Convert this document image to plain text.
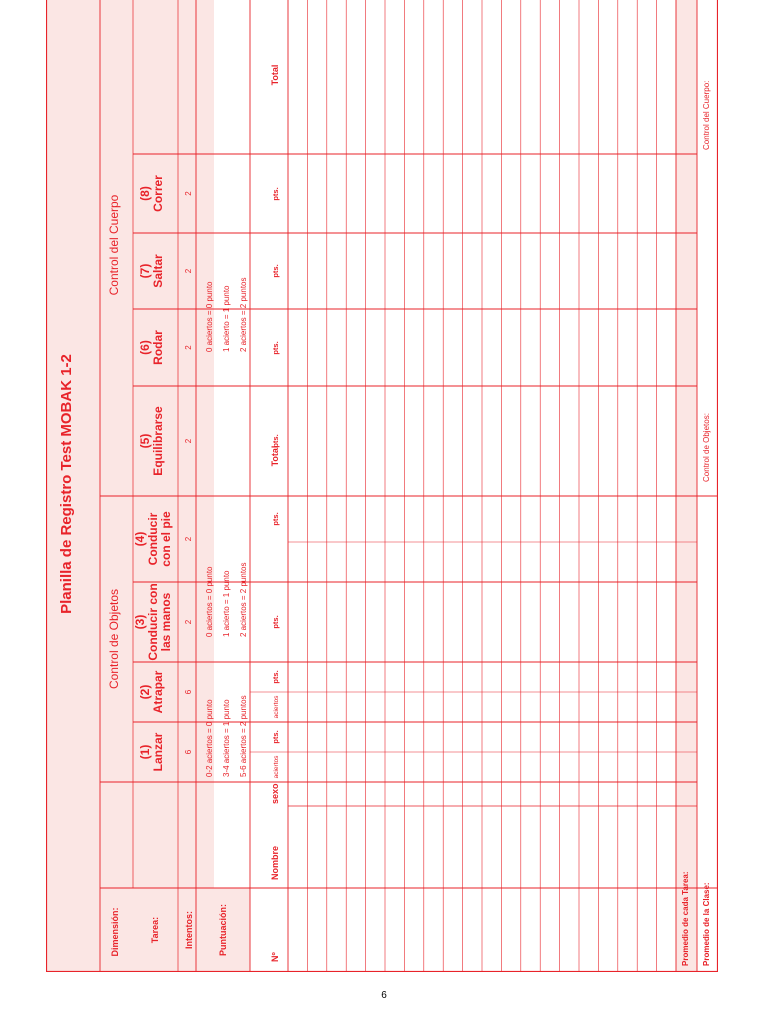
Planilla de Registro Test MOBAK 1-2
Dimensión:
Control de Objetos
Control del Cuerpo
Tarea:	Intentos:	Puntuación:
(1) Lanzar 6
(2) Atrapar 6
(3) Conducir con las manos 2
(4) Conducir con el pie 2
(5) Equilibrarse 2
(6) Rodar 2
(7) Saltar 2
(8) Correr 2
0-2 aciertos = 0 punto 3-4 aciertos = 1 punto 5-6 aciertos = 2 puntos
0 aciertos = 0 punto 1 acierto = 1 punto 2 aciertos = 2 puntos
0 aciertos = 0 punto 1 acierto = 1 punto 2 aciertos = 2 puntos
Nº
Nombre
sexo
aciertos
pts.
aciertos
pts.
pts.
pts.
Total
pts.
pts.
pts.
pts.
Total
Promedio de cada Tarea: Promedio de la Clase:
Control de Objetos:
Control del Cuerpo:
6
